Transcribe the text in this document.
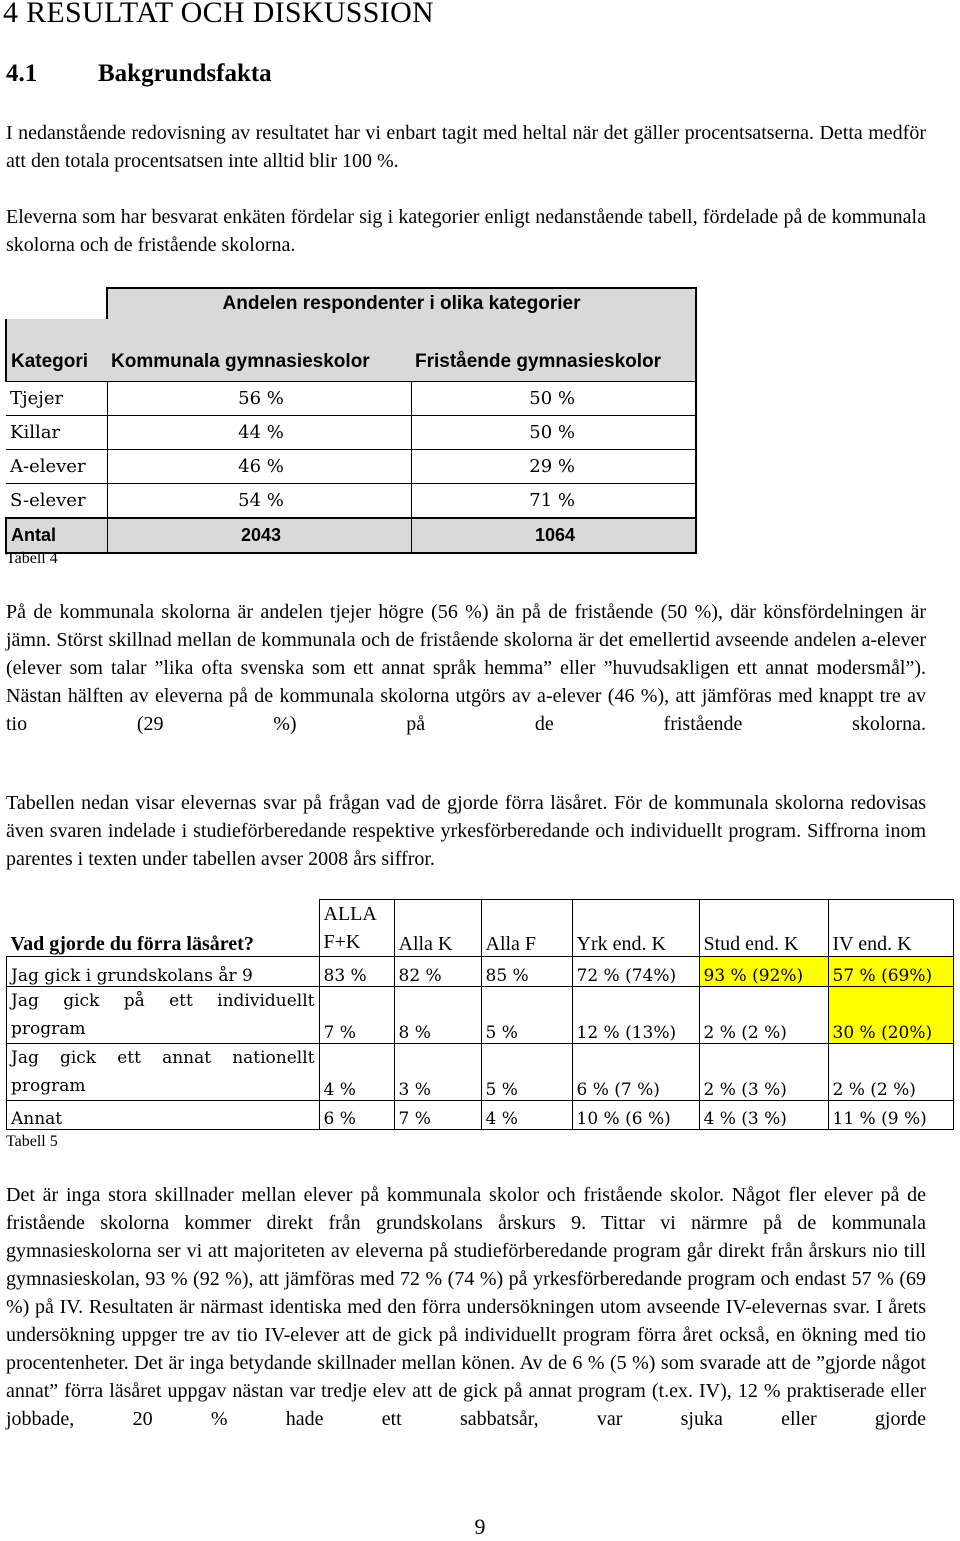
4 RESULTAT OCH DISKUSSION
4.1 Bakgrundsfakta
I nedanstående redovisning av resultatet har vi enbart tagit med heltal när det gäller procentsatserna. Detta medför att den totala procentsatsen inte alltid blir 100 %.
Eleverna som har besvarat enkäten fördelar sig i kategorier enligt nedanstående tabell, fördelade på de kommunala skolorna och de fristående skolorna.
	Andelen respondenter i olika kategorier	
Kategori	Kommunala gymnasieskolor	Fristående gymnasieskolor
Tjejer	56 %	50 %
Killar	44 %	50 %
A-elever	46 %	29 %
S-elever	54 %	71 %
Antal	2043	1064
Tabell 4
På de kommunala skolorna är andelen tjejer högre (56 %) än på de fristående (50 %), där könsfördelningen är jämn. Störst skillnad mellan de kommunala och de fristående skolorna är det emellertid avseende andelen a-elever (elever som talar ”lika ofta svenska som ett annat språk hemma” eller ”huvudsakligen ett annat modersmål”). Nästan hälften av eleverna på de kommunala skolorna utgörs av a-elever (46 %), att jämföras med knappt tre av tio (29 %) på de fristående skolorna.
Tabellen nedan visar elevernas svar på frågan vad de gjorde förra läsåret. För de kommunala skolorna redovisas även svaren indelade i studieförberedande respektive yrkesförberedande och individuellt program. Siffrorna inom parentes i texten under tabellen avser 2008 års siffror.
Vad gjorde du förra läsåret?	ALLA F+K	Alla K	Alla F	Yrk end. K	Stud end. K	IV end. K
Jag gick i grundskolans år 9	83 %	82 %	85 %	72 % (74%)	93 % (92%)	57 % (69%)
Jag gick på ett individuellt program	7 %	8 %	5 %	12 % (13%)	2 % (2 %)	30 % (20%)
Jag gick ett annat nationellt program	4 %	3 %	5 %	6 % (7 %)	2 % (3 %)	2 % (2 %)
Annat	6 %	7 %	4 %	10 % (6 %)	4 % (3 %)	11 % (9 %)
Tabell 5
Det är inga stora skillnader mellan elever på kommunala skolor och fristående skolor. Något fler elever på de fristående skolorna kommer direkt från grundskolans årskurs 9. Tittar vi närmre på de kommunala gymnasieskolorna ser vi att majoriteten av eleverna på studieförberedande program går direkt från årskurs nio till gymnasieskolan, 93 % (92 %), att jämföras med 72 % (74 %) på yrkesförberedande program och endast 57 % (69 %) på IV. Resultaten är närmast identiska med den förra undersökningen utom avseende IV-elevernas svar. I årets undersökning uppger tre av tio IV-elever att de gick på individuellt program förra året också, en ökning med tio procentenheter. Det är inga betydande skillnader mellan könen. Av de 6 % (5 %) som svarade att de ”gjorde något annat” förra läsåret uppgav nästan var tredje elev att de gick på annat program (t.ex. IV), 12 % praktiserade eller jobbade, 20 % hade ett sabbatsår, var sjuka eller gjorde
9
